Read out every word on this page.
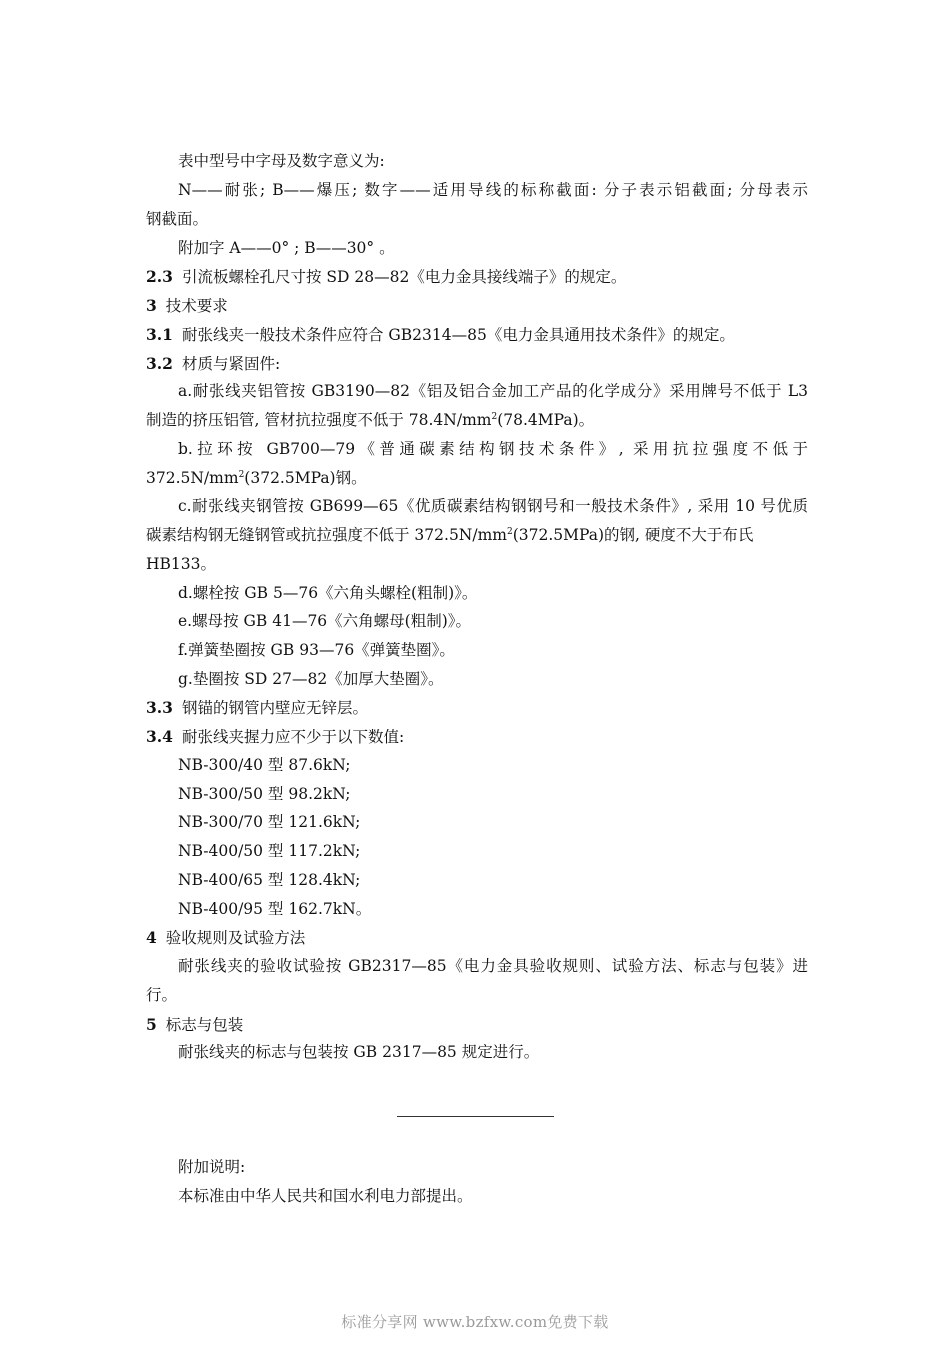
表中型号中字母及数字意义为:
N——耐张; B——爆压; 数字——适用导线的标称截面: 分子表示铝截面; 分母表示
钢截面。
附加字 A——0° ; B——30° 。
2.3 引流板螺栓孔尺寸按 SD 28—82《电力金具接线端子》的规定。
3 技术要求
3.1 耐张线夹一般技术条件应符合 GB2314—85《电力金具通用技术条件》的规定。
3.2 材质与紧固件:
a.耐张线夹铝管按 GB3190—82《铝及铝合金加工产品的化学成分》采用牌号不低于 L3
制造的挤压铝管, 管材抗拉强度不低于 $78.4N/mm^2(78.4MPa)$。
b.拉环按 GB700—79《普通碳素结构钢技术条件》, 采用抗拉强度不低于
$372.5N/mm^2(372.5MPa)$钢。
c.耐张线夹钢管按 GB699—65《优质碳素结构钢钢号和一般技术条件》, 采用 10 号优质
碳素结构钢无缝钢管或抗拉强度不低于 $372.5N/mm^2(372.5MPa)$的钢, 硬度不大于布氏
HB133。
d.螺栓按 GB 5—76《六角头螺栓(粗制)》。
e.螺母按 GB 41—76《六角螺母(粗制)》。
f.弹簧垫圈按 GB 93—76《弹簧垫圈》。
g.垫圈按 SD 27—82《加厚大垫圈》。
3.3 钢锚的钢管内壁应无锌层。
3.4 耐张线夹握力应不少于以下数值:
NB-300/40 型 87.6kN;
NB-300/50 型 98.2kN;
NB-300/70 型 121.6kN;
NB-400/50 型 117.2kN;
NB-400/65 型 128.4kN;
NB-400/95 型 162.7kN。
4 验收规则及试验方法
耐张线夹的验收试验按 GB2317—85《电力金具验收规则、试验方法、标志与包装》进
行。
5 标志与包装
耐张线夹的标志与包装按 GB 2317—85 规定进行。
附加说明:
本标准由中华人民共和国水利电力部提出。
标准分享网 www.bzfxw.com免费下载
